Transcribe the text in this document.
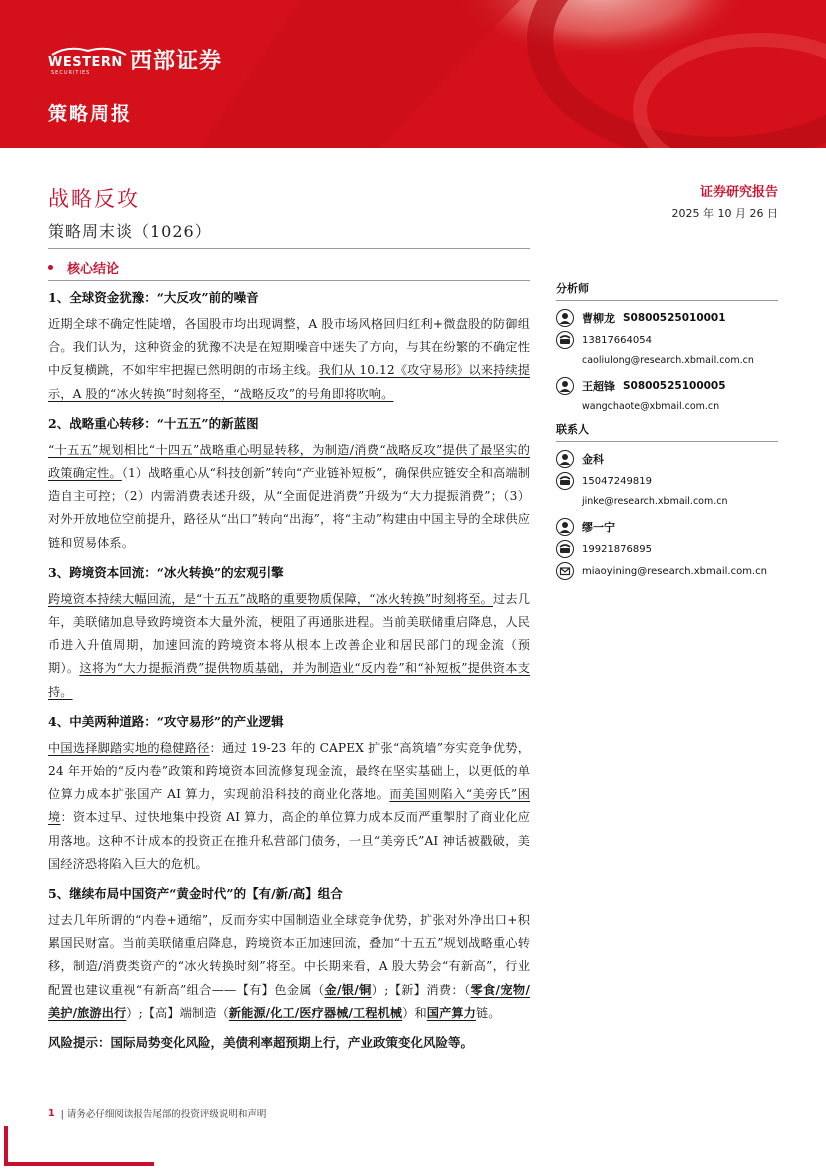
WESTERN
SECURITIES 西部证券
策略周报
战略反攻
策略周末谈（1026）
核心结论
证券研究报告
2025 年 10 月 26 日
1、全球资金犹豫：“大反攻”前的噪音

近期全球不确定性陡增，各国股市均出现调整，A 股市场风格回归红利+微盘股的防御组合。我们认为，这种资金的犹豫不决是在短期噪音中迷失了方向，与其在纷繁的不确定性中反复横跳，不如牢牢把握已然明朗的市场主线。我们从 10.12《攻守易形》以来持续提示，A 股的“冰火转换”时刻将至，“战略反攻”的号角即将吹响。

2、战略重心转移：“十五五”的新蓝图

“十五五”规划相比“十四五”战略重心明显转移，为制造/消费“战略反攻”提供了最坚实的政策确定性。（1）战略重心从“科技创新”转向“产业链补短板”，确保供应链安全和高端制造自主可控；（2）内需消费表述升级，从“全面促进消费”升级为“大力提振消费”；（3）对外开放地位空前提升，路径从“出口”转向“出海”，将“主动”构建由中国主导的全球供应链和贸易体系。

3、跨境资本回流：“冰火转换”的宏观引擎

跨境资本持续大幅回流，是“十五五”战略的重要物质保障，“冰火转换”时刻将至。过去几年，美联储加息导致跨境资本大量外流，梗阻了再通胀进程。当前美联储重启降息，人民币进入升值周期，加速回流的跨境资本将从根本上改善企业和居民部门的现金流（预期）。这将为“大力提振消费”提供物质基础，并为制造业“反内卷”和“补短板”提供资本支持。

4、中美两种道路：“攻守易形”的产业逻辑

中国选择脚踏实地的稳健路径：通过 19-23 年的 CAPEX 扩张“高筑墙”夯实竞争优势，24 年开始的“反内卷”政策和跨境资本回流修复现金流，最终在坚实基础上，以更低的单位算力成本扩张国产 AI 算力，实现前沿科技的商业化落地。而美国则陷入“美旁氏”困境：资本过早、过快地集中投资 AI 算力，高企的单位算力成本反而严重掣肘了商业化应用落地。这种不计成本的投资正在推升私营部门债务，一旦“美旁氏”AI 神话被戳破，美国经济恐将陷入巨大的危机。

5、继续布局中国资产“黄金时代”的【有/新/高】组合

过去几年所谓的“内卷+通缩”，反而夯实中国制造业全球竞争优势，扩张对外净出口+积累国民财富。当前美联储重启降息，跨境资本正加速回流，叠加“十五五”规划战略重心转移，制造/消费类资产的“冰火转换时刻”将至。中长期来看，A 股大势会“有新高”，行业配置也建议重视“有新高”组合——【有】色金属（金/银/铜）;【新】消费：（零食/宠物/美护/旅游出行）;【高】端制造（新能源/化工/医疗器械/工程机械）和国产算力链。

风险提示：国际局势变化风险，美债利率超预期上行，产业政策变化风险等。
分析师
曹柳龙 S0800525010001
13817664054
caoliulong@research.xbmail.com.cn
王超锋 S0800525100005
wangchaote@xbmail.com.cn
联系人
金科
15047249819
jinke@research.xbmail.com.cn
缪一宁
19921876895
miaoyining@research.xbmail.com.cn
1 | 请务必仔细阅读报告尾部的投资评级说明和声明
